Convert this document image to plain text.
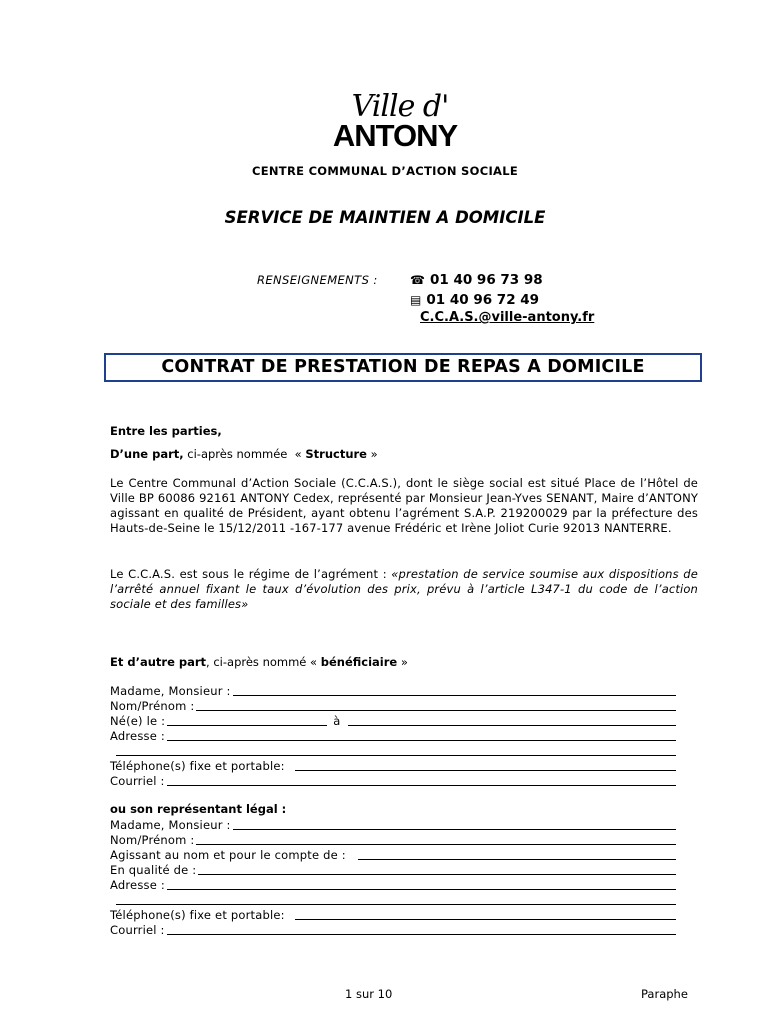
Ville d'
ANTONY
CENTRE COMMUNAL D’ACTION SOCIALE
SERVICE DE MAINTIEN A DOMICILE
RENSEIGNEMENTS :	☎ 01 40 96 73 98
▤ 01 40 96 72 49
C.C.A.S.@ville-antony.fr
CONTRAT DE PRESTATION DE REPAS A DOMICILE
Entre les parties,
D’une part, ci-après nommée  « Structure »
Le Centre Communal d’Action Sociale (C.C.A.S.), dont le siège social est situé Place de l’Hôtel de Ville BP 60086 92161 ANTONY Cedex, représenté par Monsieur Jean-Yves SENANT, Maire d’ANTONY agissant en qualité de Président, ayant obtenu l’agrément S.A.P. 219200029 par la préfecture des Hauts-de-Seine le 15/12/2011 -167-177 avenue Frédéric et Irène Joliot Curie 92013 NANTERRE.
Le C.C.A.S. est sous le régime de l’agrément : «prestation de service soumise aux dispositions de l’arrêté annuel fixant le taux d’évolution des prix, prévu à l’article L347-1 du code de l’action sociale et des familles»
Et d’autre part, ci-après nommé « bénéficiaire »
Madame, Monsieur :
Nom/Prénom :
Né(e) le :	à
Adresse :
Téléphone(s) fixe et portable:
Courriel :
ou son représentant légal :
Madame, Monsieur :
Nom/Prénom :
Agissant au nom et pour le compte de :
En qualité de :
Adresse :
Téléphone(s) fixe et portable:
Courriel :
1 sur 10	Paraphe
